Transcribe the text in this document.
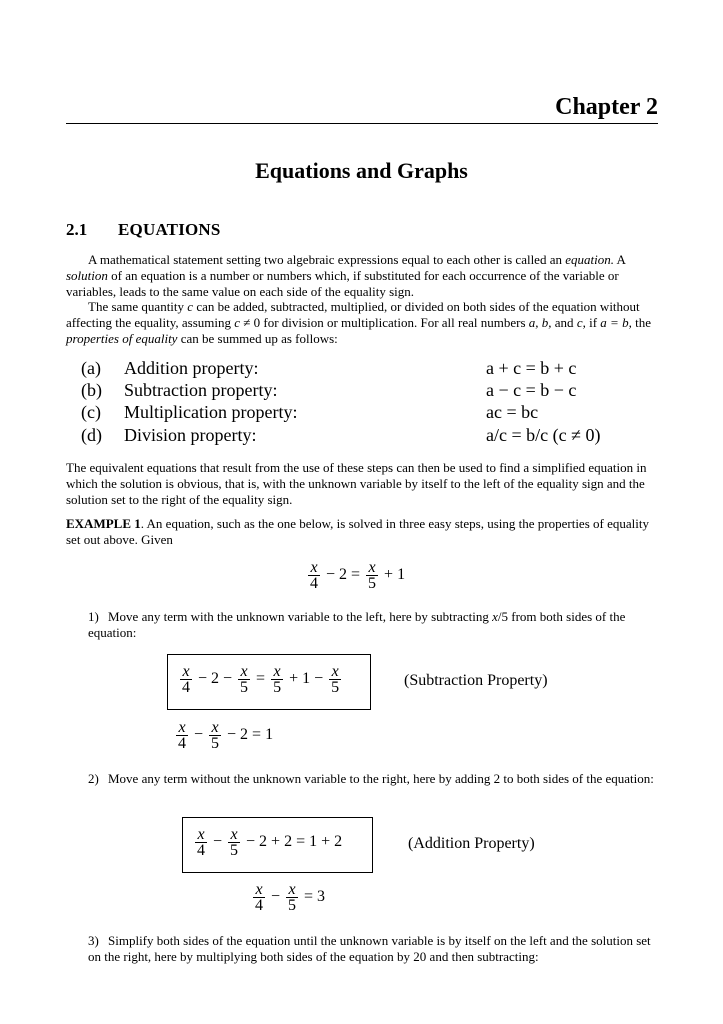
Chapter 2
Equations and Graphs
2.1 EQUATIONS
A mathematical statement setting two algebraic expressions equal to each other is called an equation. A solution of an equation is a number or numbers which, if substituted for each occurrence of the variable or variables, leads to the same value on each side of the equality sign.
The same quantity c can be added, subtracted, multiplied, or divided on both sides of the equation without affecting the equality, assuming c ≠ 0 for division or multiplication. For all real numbers a, b, and c, if a = b, the properties of equality can be summed up as follows:
(a) Addition property:	a + c = b + c
(b) Subtraction property:	a − c = b − c
(c) Multiplication property:	ac = bc
(d) Division property:	a/c = b/c (c ≠ 0)
The equivalent equations that result from the use of these steps can then be used to find a simplified equation in which the solution is obvious, that is, with the unknown variable by itself to the left of the equality sign and the solution set to the right of the equality sign.
EXAMPLE 1. An equation, such as the one below, is solved in three easy steps, using the properties of equality set out above. Given
$\frac{x}{4} - 2 = \frac{x}{5} + 1$
1) Move any term with the unknown variable to the left, here by subtracting x/5 from both sides of the equation:
$\frac{x}{4} - 2 - \frac{x}{5} = \frac{x}{5} + 1 - \frac{x}{5}$	(Subtraction Property)
$\frac{x}{4} - \frac{x}{5} - 2 = 1$
2) Move any term without the unknown variable to the right, here by adding 2 to both sides of the equation:
$\frac{x}{4} - \frac{x}{5} - 2 + 2 = 1 + 2$	(Addition Property)
$\frac{x}{4} - \frac{x}{5} = 3$
3) Simplify both sides of the equation until the unknown variable is by itself on the left and the solution set on the right, here by multiplying both sides of the equation by 20 and then subtracting:
